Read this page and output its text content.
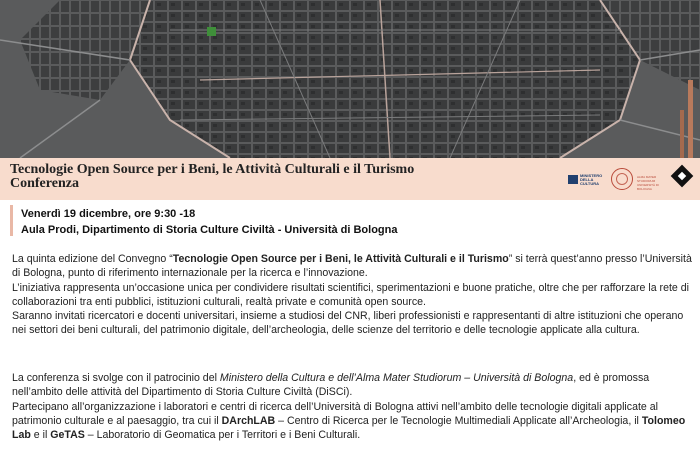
Tecnologie Open Source per i Beni, le Attività Culturali e il Turismo
Conferenza
MINISTERO DELLA CULTURA
ALMA MATER STUDIORUM UNIVERSITÀ DI BOLOGNA
Venerdì 19 dicembre, ore 9:30 -18
Aula Prodi, Dipartimento di Storia Culture Civiltà - Università di Bologna
La quinta edizione del Convegno “Tecnologie Open Source per i Beni, le Attività Culturali e il Turismo” si terrà quest’anno presso l’Università di Bologna, punto di riferimento internazionale per la ricerca e l’innovazione.
L’iniziativa rappresenta un’occasione unica per condividere risultati scientifici, sperimentazioni e buone pratiche, oltre che per rafforzare la rete di collaborazioni tra enti pubblici, istituzioni culturali, realtà private e comunità open source.
Saranno invitati ricercatori e docenti universitari, insieme a studiosi del CNR, liberi professionisti e rappresentanti di altre istituzioni che operano nei settori dei beni culturali, del patrimonio digitale, dell’archeologia, delle scienze del territorio e delle tecnologie applicate alla cultura.
La conferenza si svolge con il patrocinio del Ministero della Cultura e dell’Alma Mater Studiorum – Università di Bologna, ed è promossa nell’ambito delle attività del Dipartimento di Storia Culture Civiltà (DiSCi).
Partecipano all’organizzazione i laboratori e centri di ricerca dell’Università di Bologna attivi nell’ambito delle tecnologie digitali applicate al patrimonio culturale e al paesaggio, tra cui il DArchLAB – Centro di Ricerca per le Tecnologie Multimediali Applicate all’Archeologia, il Tolomeo Lab e il GeTAS – Laboratorio di Geomatica per i Territori e i Beni Culturali.
